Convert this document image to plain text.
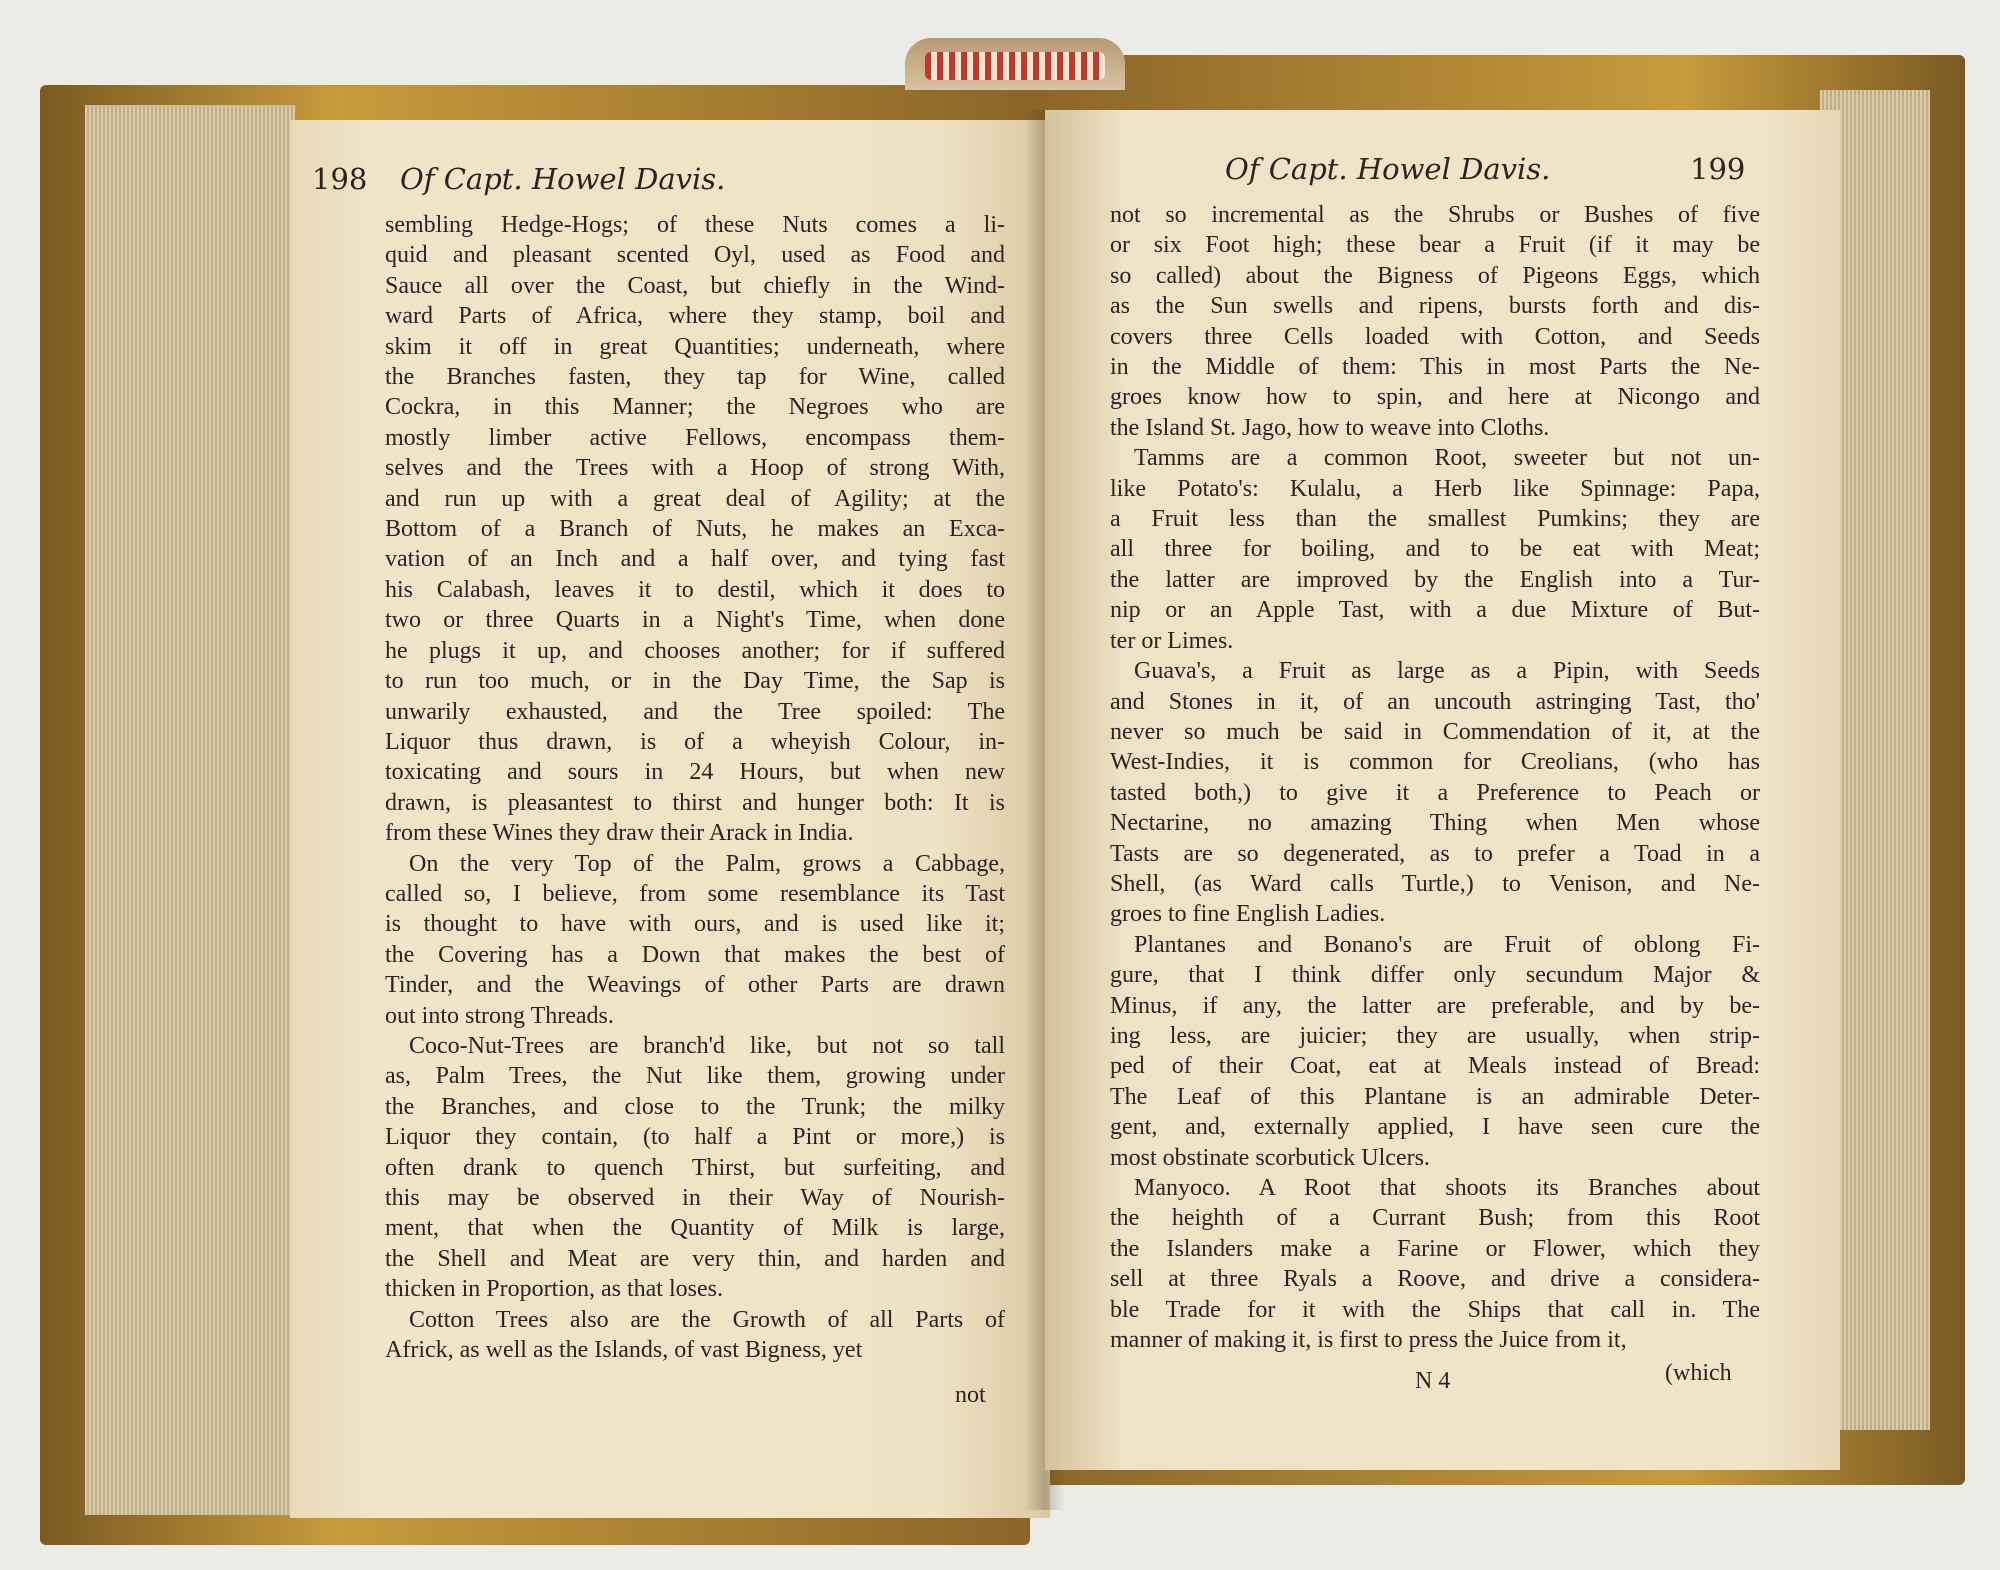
198 Of Capt. Howel Davis.
sembling Hedge-Hogs; of these Nuts comes a li-
quid and pleasant scented Oyl, used as Food and
Sauce all over the Coast, but chiefly in the Wind-
ward Parts of Africa, where they stamp, boil and
skim it off in great Quantities; underneath, where
the Branches fasten, they tap for Wine, called
Cockra, in this Manner; the Negroes who are
mostly limber active Fellows, encompass them-
selves and the Trees with a Hoop of strong With,
and run up with a great deal of Agility; at the
Bottom of a Branch of Nuts, he makes an Exca-
vation of an Inch and a half over, and tying fast
his Calabash, leaves it to destil, which it does to
two or three Quarts in a Night's Time, when done
he plugs it up, and chooses another; for if suffered
to run too much, or in the Day Time, the Sap is
unwarily exhausted, and the Tree spoiled: The
Liquor thus drawn, is of a wheyish Colour, in-
toxicating and sours in 24 Hours, but when new
drawn, is pleasantest to thirst and hunger both: It is
from these Wines they draw their Arack in India.
On the very Top of the Palm, grows a Cabbage,
called so, I believe, from some resemblance its Tast
is thought to have with ours, and is used like it;
the Covering has a Down that makes the best of
Tinder, and the Weavings of other Parts are drawn
out into strong Threads.
Coco-Nut-Trees are branch'd like, but not so tall
as, Palm Trees, the Nut like them, growing under
the Branches, and close to the Trunk; the milky
Liquor they contain, (to half a Pint or more,) is
often drank to quench Thirst, but surfeiting, and
this may be observed in their Way of Nourish-
ment, that when the Quantity of Milk is large,
the Shell and Meat are very thin, and harden and
thicken in Proportion, as that loses.
Cotton Trees also are the Growth of all Parts of
Africk, as well as the Islands, of vast Bigness, yet
not
Of Capt. Howel Davis.	199
not so incremental as the Shrubs or Bushes of five
or six Foot high; these bear a Fruit (if it may be
so called) about the Bigness of Pigeons Eggs, which
as the Sun swells and ripens, bursts forth and dis-
covers three Cells loaded with Cotton, and Seeds
in the Middle of them: This in most Parts the Ne-
groes know how to spin, and here at Nicongo and
the Island St. Jago, how to weave into Cloths.
Tamms are a common Root, sweeter but not un-
like Potato's: Kulalu, a Herb like Spinnage: Papa,
a Fruit less than the smallest Pumkins; they are
all three for boiling, and to be eat with Meat;
the latter are improved by the English into a Tur-
nip or an Apple Tast, with a due Mixture of But-
ter or Limes.
Guava's, a Fruit as large as a Pipin, with Seeds
and Stones in it, of an uncouth astringing Tast, tho'
never so much be said in Commendation of it, at the
West-Indies, it is common for Creolians, (who has
tasted both,) to give it a Preference to Peach or
Nectarine, no amazing Thing when Men whose
Tasts are so degenerated, as to prefer a Toad in a
Shell, (as Ward calls Turtle,) to Venison, and Ne-
groes to fine English Ladies.
Plantanes and Bonano's are Fruit of oblong Fi-
gure, that I think differ only secundum Major &
Minus, if any, the latter are preferable, and by be-
ing less, are juicier; they are usually, when strip-
ped of their Coat, eat at Meals instead of Bread:
The Leaf of this Plantane is an admirable Deter-
gent, and, externally applied, I have seen cure the
most obstinate scorbutick Ulcers.
Manyoco. A Root that shoots its Branches about
the heighth of a Currant Bush; from this Root
the Islanders make a Farine or Flower, which they
sell at three Ryals a Roove, and drive a considera-
ble Trade for it with the Ships that call in. The
manner of making it, is first to press the Juice from it,
N 4	(which
